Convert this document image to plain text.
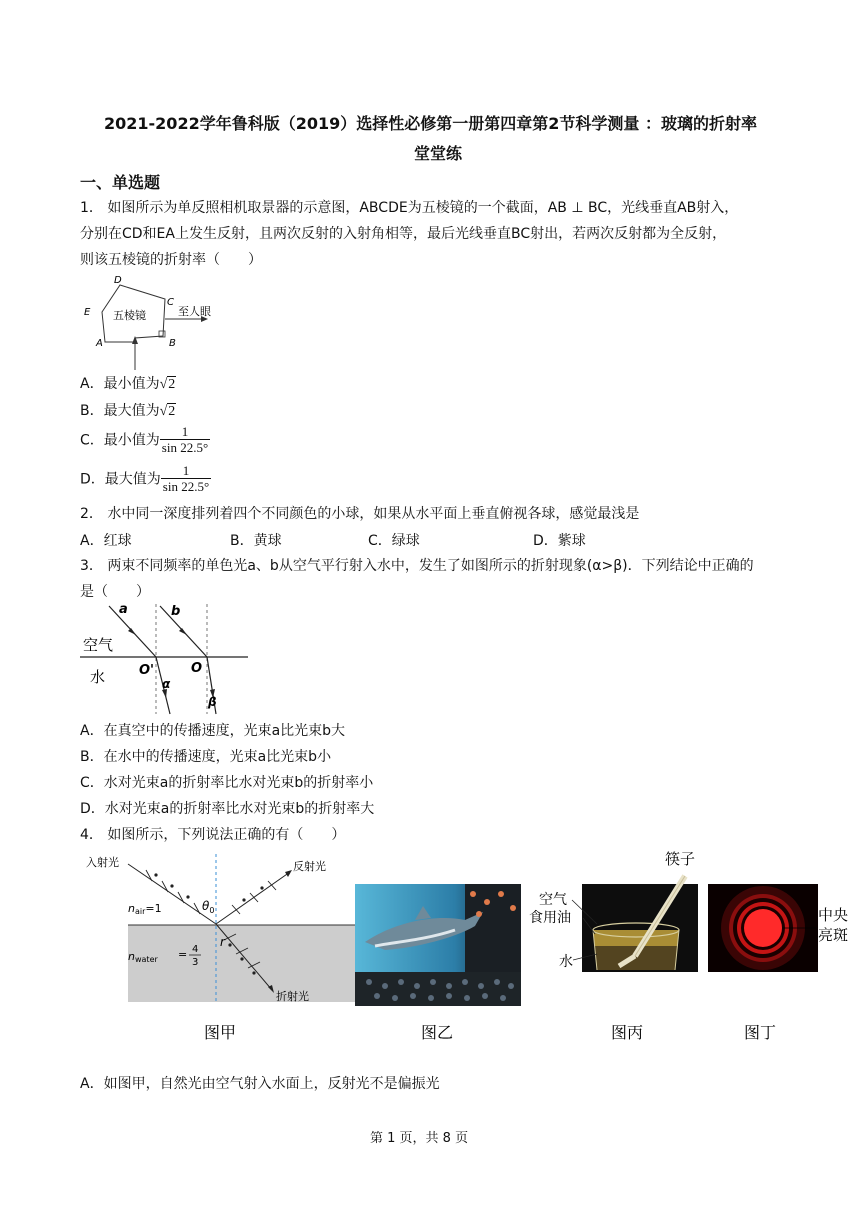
2021-2022学年鲁科版（2019）选择性必修第一册第四章第2节科学测量 ：玻璃的折射率
堂堂练
一、单选题
1． 如图所示为单反照相机取景器的示意图，ABCDE为五棱镜的一个截面，AB ⊥ BC，光线垂直AB射入，
分别在CD和EA上发生反射，且两次反射的入射角相等，最后光线垂直BC射出，若两次反射都为全反射，
则该五棱镜的折射率（　　）
五棱镜	至人眼
D
E
C
A	B
A．最小值为√2
B．最大值为√2
C．最小值为 $\frac{1}{\sin 22.5^\circ}$
D．最大值为 $\frac{1}{\sin 22.5^\circ}$
2． 水中同一深度排列着四个不同颜色的小球，如果从水平面上垂直俯视各球，感觉最浅是
A．红球	B．黄球	C．绿球	D．紫球
3． 两束不同频率的单色光a、b从空气平行射入水中，发生了如图所示的折射现象(α>β)．下列结论中正确的
是（　　）
空气
水
a	b
O'	O
α
β
A．在真空中的传播速度，光束a比光束b大
B．在水中的传播速度，光束a比光束b小
C．水对光束a的折射率比水对光束b的折射率小
D．水对光束a的折射率比水对光束b的折射率大
4． 如图所示，下列说法正确的有（　　）
入射光	反射光
折射光
nair=1
nwater = 4
3
$\theta_0$
r
图甲	图乙
筷子
空气
食用油
水
图丙
中央
亮斑
图丁
A．如图甲，自然光由空气射入水面上，反射光不是偏振光
第 1 页，共 8 页
